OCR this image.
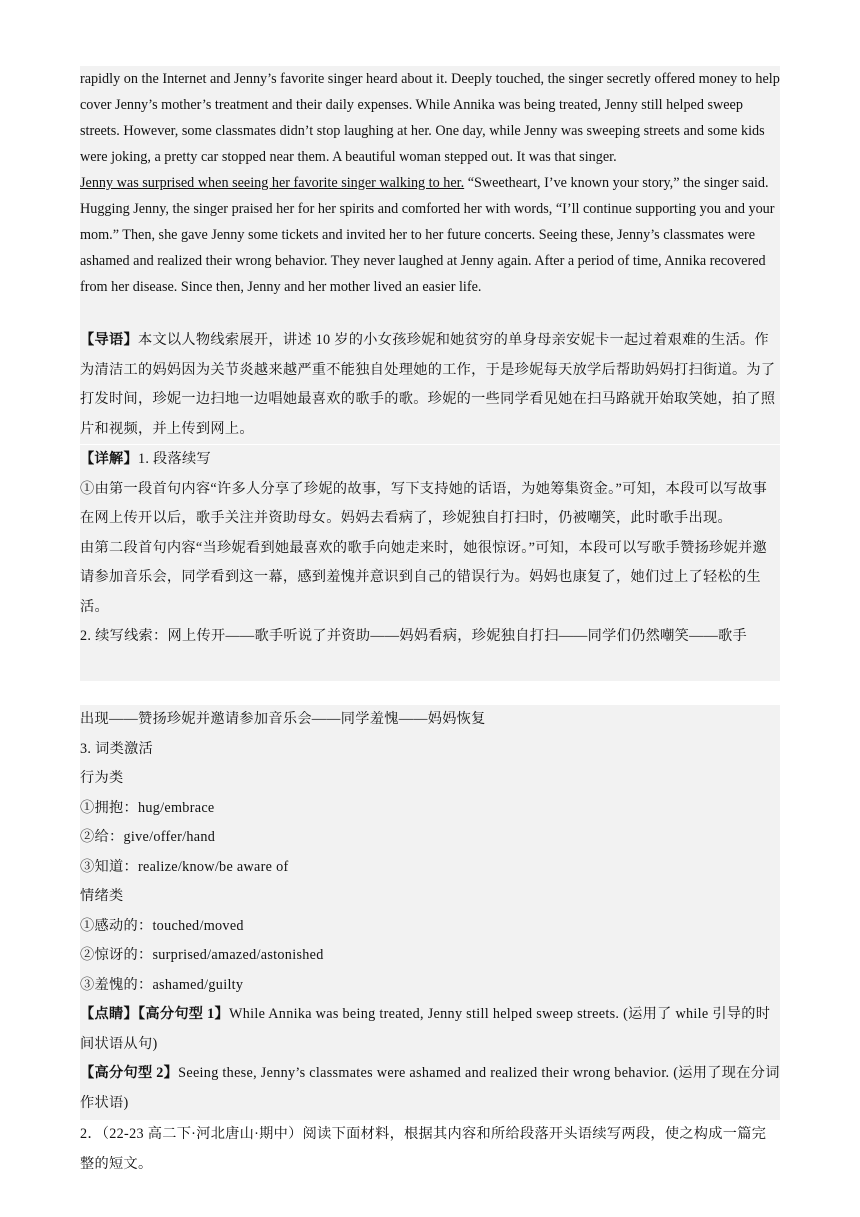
rapidly on the Internet and Jenny’s favorite singer heard about it. Deeply touched, the singer secretly offered money to help cover Jenny’s mother’s treatment and their daily expenses. While Annika was being treated, Jenny still helped sweep streets. However, some classmates didn’t stop laughing at her. One day, while Jenny was sweeping streets and some kids were joking, a pretty car stopped near them. A beautiful woman stepped out. It was that singer.

Jenny was surprised when seeing her favorite singer walking to her. “Sweetheart, I’ve known your story,” the singer said. Hugging Jenny, the singer praised her for her spirits and comforted her with words, “I’ll continue supporting you and your mom.” Then, she gave Jenny some tickets and invited her to her future concerts. Seeing these, Jenny’s classmates were ashamed and realized their wrong behavior. They never laughed at Jenny again. After a period of time, Annika recovered from her disease. Since then, Jenny and her mother lived an easier life.

【导语】本文以人物线索展开，讲述 10 岁的小女孩珍妮和她贫穷的单身母亲安妮卡一起过着艰难的生活。作为清洁工的妈妈因为关节炎越来越严重不能独自处理她的工作，于是珍妮每天放学后帮助妈妈打扫街道。为了打发时间，珍妮一边扫地一边唱她最喜欢的歌手的歌。珍妮的一些同学看见她在扫马路就开始取笑她，拍了照片和视频，并上传到网上。

【详解】1. 段落续写

①由第一段首句内容“许多人分享了珍妮的故事，写下支持她的话语，为她筹集资金。”可知，本段可以写故事在网上传开以后，歌手关注并资助母女。妈妈去看病了，珍妮独自打扫时，仍被嘲笑，此时歌手出现。

由第二段首句内容“当珍妮看到她最喜欢的歌手向她走来时，她很惊讶。”可知，本段可以写歌手赞扬珍妮并邀请参加音乐会，同学看到这一幕，感到羞愧并意识到自己的错误行为。妈妈也康复了，她们过上了轻松的生活。

2. 续写线索：网上传开——歌手听说了并资助——妈妈看病，珍妮独自打扫——同学们仍然嘲笑——歌手

出现——赞扬珍妮并邀请参加音乐会——同学羞愧——妈妈恢复

3. 词类激活

行为类

①拥抱：hug/embrace

②给：give/offer/hand

③知道：realize/know/be aware of

情绪类

①感动的：touched/moved

②惊讶的：surprised/amazed/astonished

③羞愧的：ashamed/guilty

【点睛】【高分句型 1】While Annika was being treated, Jenny still helped sweep streets. (运用了 while 引导的时间状语从句)

【高分句型 2】Seeing these, Jenny’s classmates were ashamed and realized their wrong behavior. (运用了现在分词作状语)

2．（22-23 高二下·河北唐山·期中）阅读下面材料，根据其内容和所给段落开头语续写两段，使之构成一篇完整的短文。
